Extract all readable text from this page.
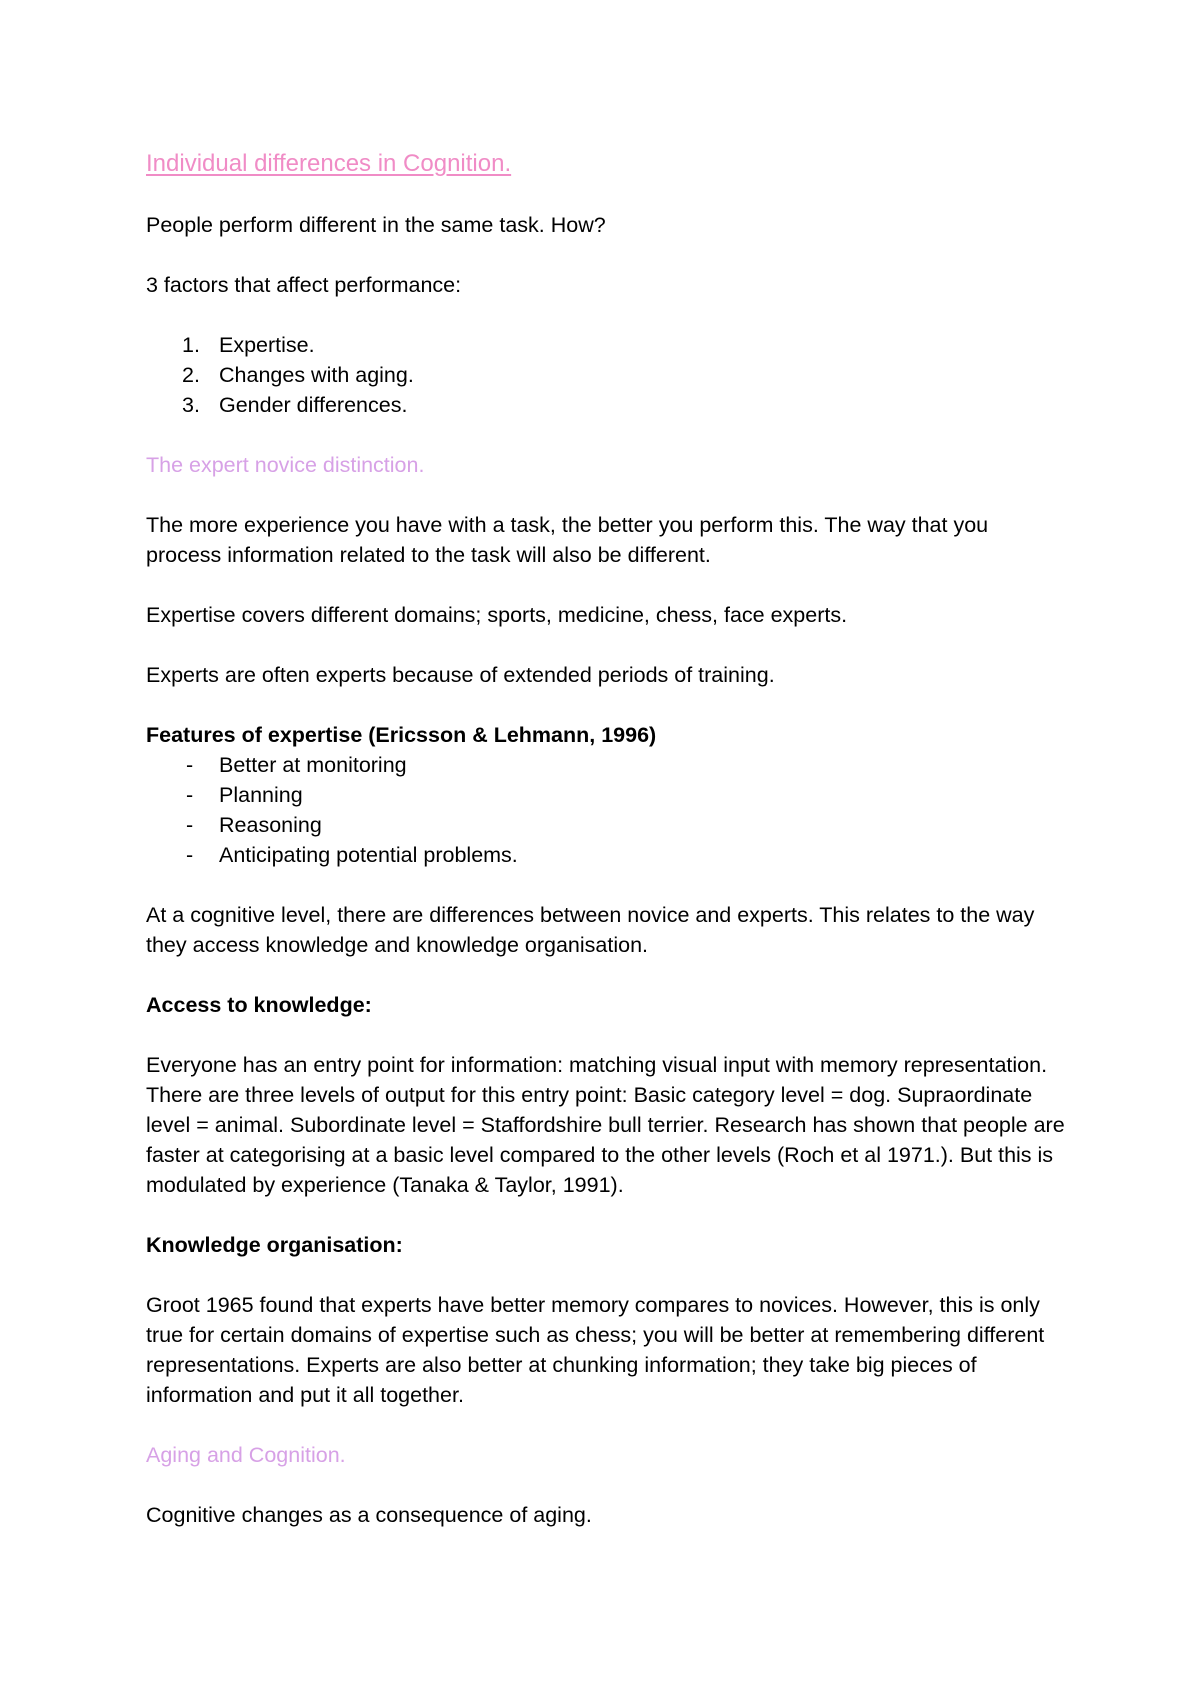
Individual differences in Cognition.

People perform different in the same task. How?

3 factors that affect performance:

1. Expertise.
2. Changes with aging.
3. Gender differences.
The expert novice distinction.

The more experience you have with a task, the better you perform this. The way that you process information related to the task will also be different.

Expertise covers different domains; sports, medicine, chess, face experts.

Experts are often experts because of extended periods of training.

Features of expertise (Ericsson & Lehmann, 1996)
- Better at monitoring
- Planning
- Reasoning
- Anticipating potential problems.

At a cognitive level, there are differences between novice and experts. This relates to the way they access knowledge and knowledge organisation.

Access to knowledge:

Everyone has an entry point for information: matching visual input with memory representation. There are three levels of output for this entry point: Basic category level = dog. Supraordinate level = animal. Subordinate level = Staffordshire bull terrier. Research has shown that people are faster at categorising at a basic level compared to the other levels (Roch et al 1971.). But this is modulated by experience (Tanaka & Taylor, 1991).

Knowledge organisation:

Groot 1965 found that experts have better memory compares to novices. However, this is only true for certain domains of expertise such as chess; you will be better at remembering different representations. Experts are also better at chunking information; they take big pieces of information and put it all together.

Aging and Cognition.

Cognitive changes as a consequence of aging.
